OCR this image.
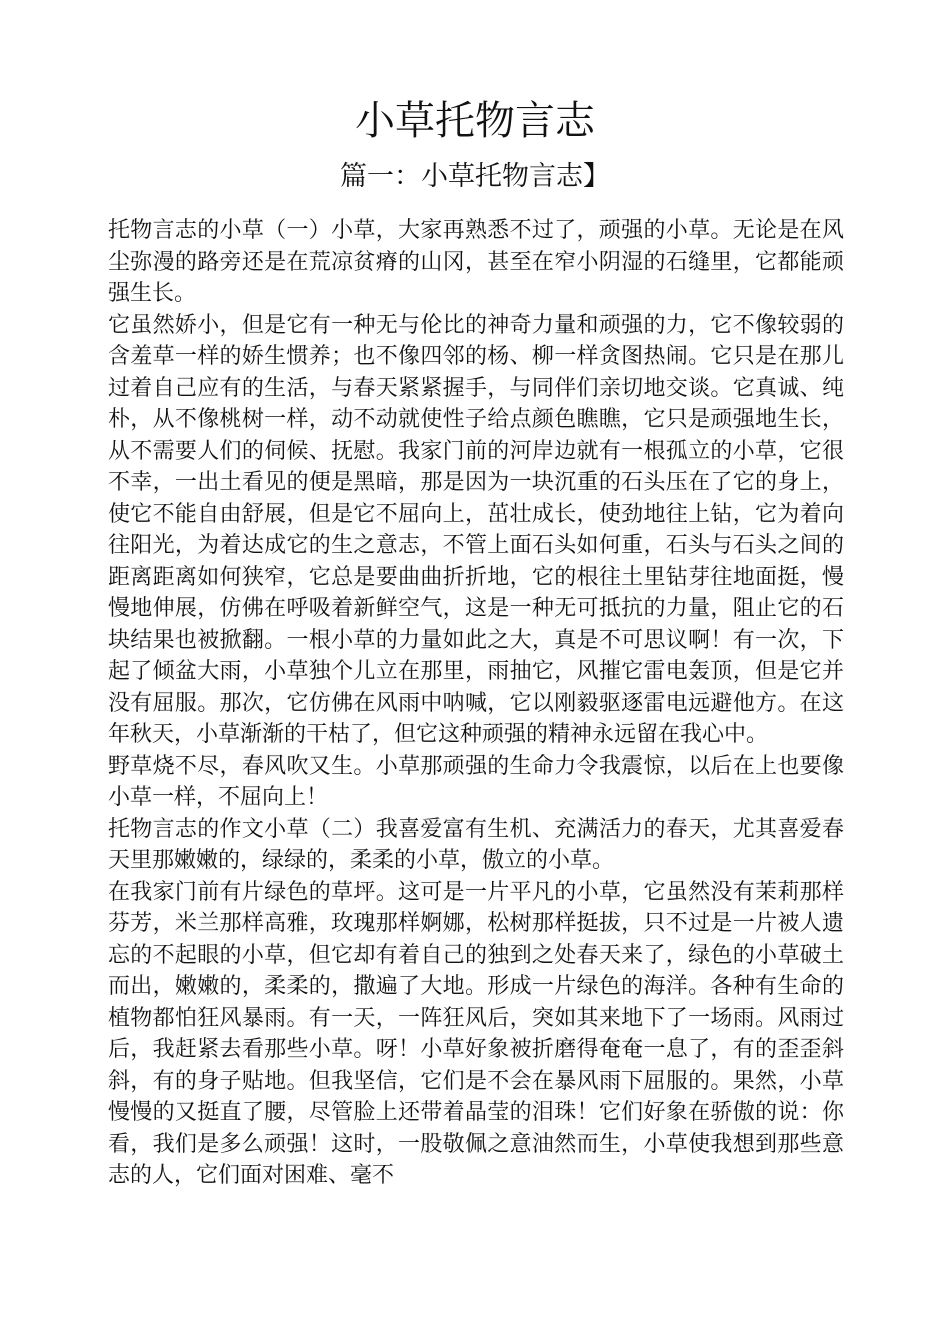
小草托物言志
篇一：小草托物言志】

托物言志的小草（一）小草，大家再熟悉不过了，顽强的小草。无论是在风尘弥漫的路旁还是在荒凉贫瘠的山冈，甚至在窄小阴湿的石缝里，它都能顽强生长。

它虽然娇小，但是它有一种无与伦比的神奇力量和顽强的力，它不像较弱的含羞草一样的娇生惯养；也不像四邻的杨、柳一样贪图热闹。它只是在那儿过着自己应有的生活，与春天紧紧握手，与同伴们亲切地交谈。它真诚、纯朴，从不像桃树一样，动不动就使性子给点颜色瞧瞧，它只是顽强地生长，从不需要人们的伺候、抚慰。我家门前的河岸边就有一根孤立的小草，它很不幸，一出土看见的便是黑暗，那是因为一块沉重的石头压在了它的身上，使它不能自由舒展，但是它不屈向上，茁壮成长，使劲地往上钻，它为着向往阳光，为着达成它的生之意志，不管上面石头如何重，石头与石头之间的距离距离如何狭窄，它总是要曲曲折折地，它的根往土里钻芽往地面挺，慢慢地伸展，仿佛在呼吸着新鲜空气，这是一种无可抵抗的力量，阻止它的石块结果也被掀翻。一根小草的力量如此之大，真是不可思议啊！有一次，下起了倾盆大雨，小草独个儿立在那里，雨抽它，风摧它雷电轰顶，但是它并没有屈服。那次，它仿佛在风雨中呐喊，它以刚毅驱逐雷电远避他方。在这年秋天，小草渐渐的干枯了，但它这种顽强的精神永远留在我心中。

野草烧不尽，春风吹又生。小草那顽强的生命力令我震惊，以后在上也要像小草一样，不屈向上！

托物言志的作文小草（二）我喜爱富有生机、充满活力的春天，尤其喜爱春天里那嫩嫩的，绿绿的，柔柔的小草，傲立的小草。

在我家门前有片绿色的草坪。这可是一片平凡的小草，它虽然没有茉莉那样芬芳，米兰那样高雅，玫瑰那样婀娜，松树那样挺拔，只不过是一片被人遗忘的不起眼的小草，但它却有着自己的独到之处春天来了，绿色的小草破土而出，嫩嫩的，柔柔的，撒遍了大地。形成一片绿色的海洋。各种有生命的植物都怕狂风暴雨。有一天，一阵狂风后，突如其来地下了一场雨。风雨过后，我赶紧去看那些小草。呀！小草好象被折磨得奄奄一息了，有的歪歪斜斜，有的身子贴地。但我坚信，它们是不会在暴风雨下屈服的。果然，小草慢慢的又挺直了腰，尽管脸上还带着晶莹的泪珠！它们好象在骄傲的说：你看，我们是多么顽强！这时，一股敬佩之意油然而生，小草使我想到那些意志的人，它们面对困难、毫不
